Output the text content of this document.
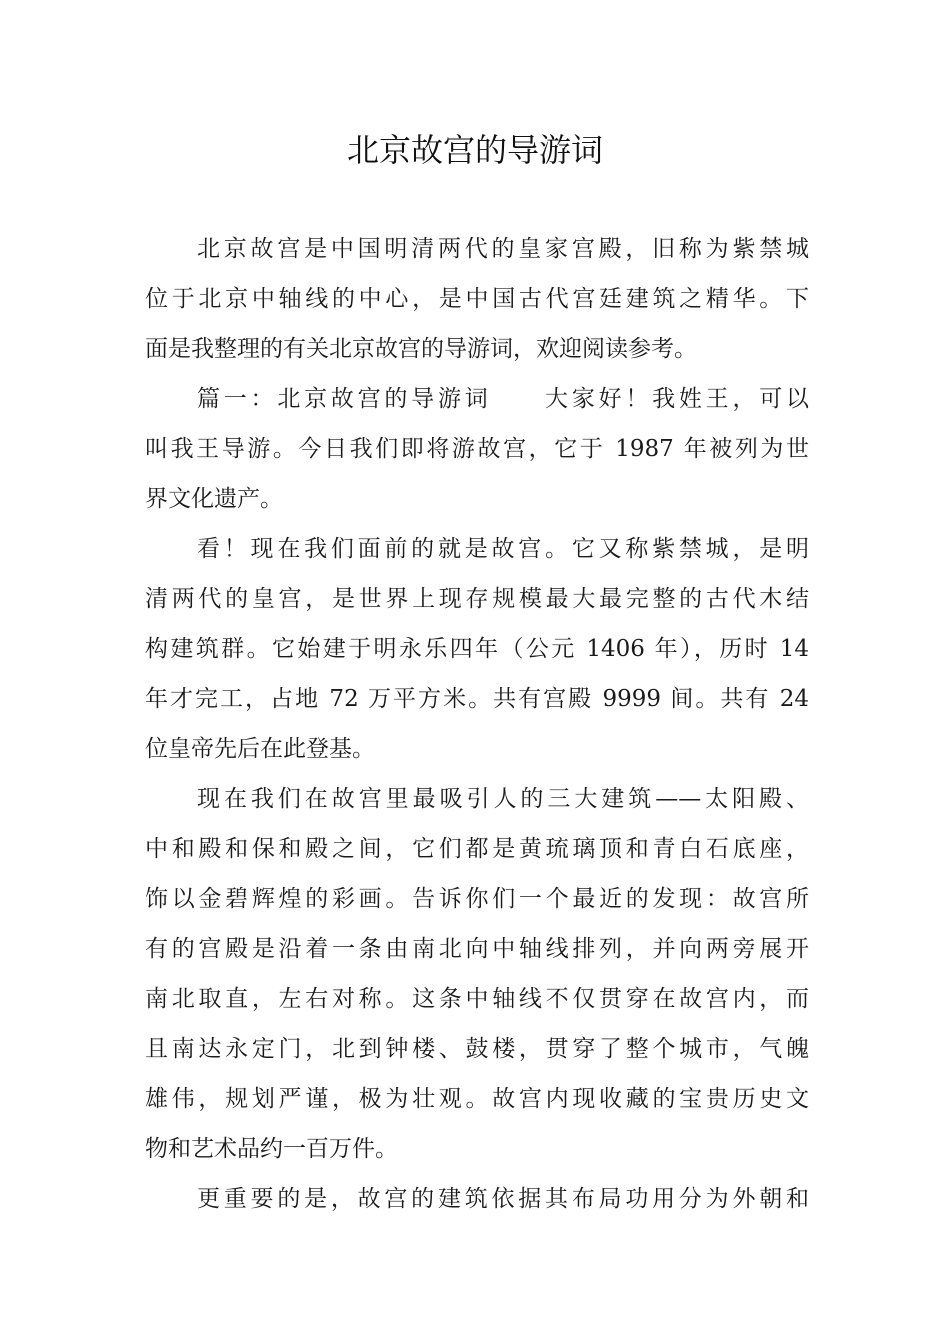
北京故宫的导游词
北京故宫是中国明清两代的皇家宫殿，旧称为紫禁城
位于北京中轴线的中心，是中国古代宫廷建筑之精华。下
面是我整理的有关北京故宫的导游词，欢迎阅读参考。
篇一：北京故宫的导游词　　大家好！我姓王，可以
叫我王导游。今日我们即将游故宫，它于 1987 年被列为世
界文化遗产。
看！现在我们面前的就是故宫。它又称紫禁城，是明
清两代的皇宫，是世界上现存规模最大最完整的古代木结
构建筑群。它始建于明永乐四年（公元 1406 年），历时 14
年才完工，占地 72 万平方米。共有宫殿 9999 间。共有 24
位皇帝先后在此登基。
现在我们在故宫里最吸引人的三大建筑——太阳殿、
中和殿和保和殿之间，它们都是黄琉璃顶和青白石底座，
饰以金碧辉煌的彩画。告诉你们一个最近的发现：故宫所
有的宫殿是沿着一条由南北向中轴线排列，并向两旁展开
南北取直，左右对称。这条中轴线不仅贯穿在故宫内，而
且南达永定门，北到钟楼、鼓楼，贯穿了整个城市，气魄
雄伟，规划严谨，极为壮观。故宫内现收藏的宝贵历史文
物和艺术品约一百万件。
更重要的是，故宫的建筑依据其布局功用分为外朝和
